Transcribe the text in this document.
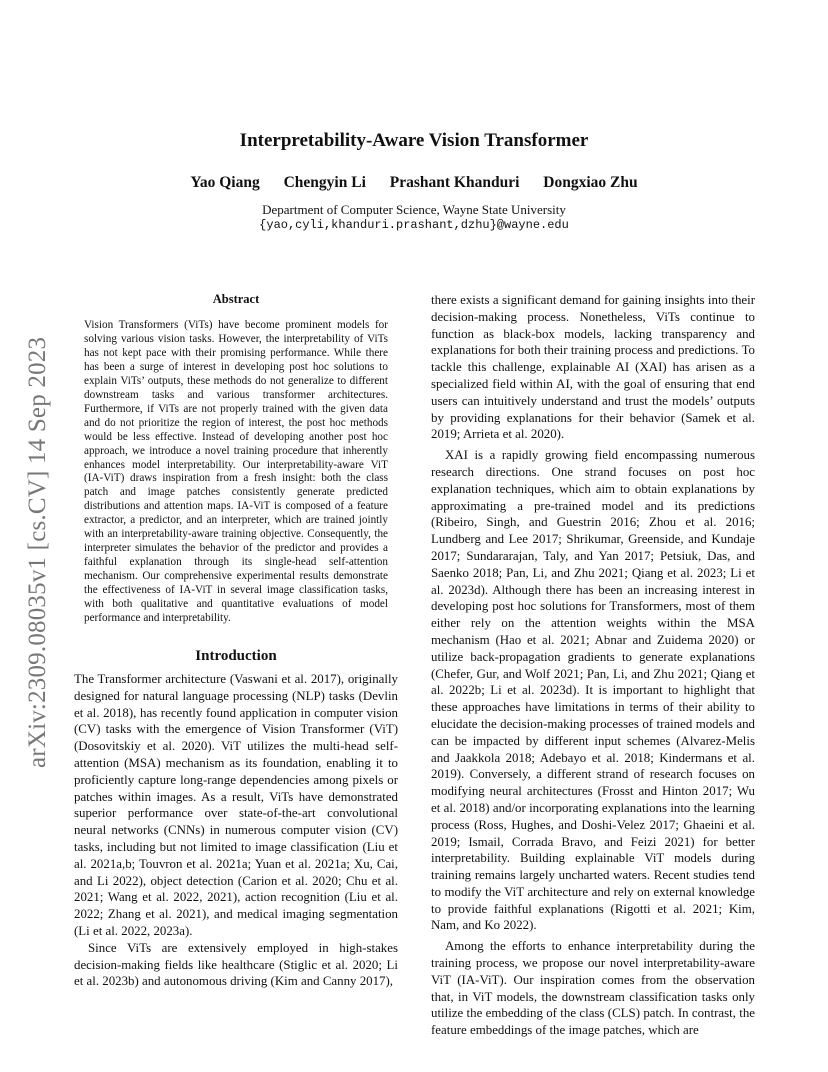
Interpretability-Aware Vision Transformer
Yao Qiang Chengyin Li Prashant Khanduri Dongxiao Zhu
Department of Computer Science, Wayne State University
{yao,cyli,khanduri.prashant,dzhu}@wayne.edu
arXiv:2309.08035v1 [cs.CV] 14 Sep 2023
Abstract

Vision Transformers (ViTs) have become prominent models for solving various vision tasks. However, the interpretability of ViTs has not kept pace with their promising performance. While there has been a surge of interest in developing post hoc solutions to explain ViTs’ outputs, these methods do not generalize to different downstream tasks and various transformer architectures. Furthermore, if ViTs are not properly trained with the given data and do not prioritize the region of interest, the post hoc methods would be less effective. Instead of developing another post hoc approach, we introduce a novel training procedure that inherently enhances model interpretability. Our interpretability-aware ViT (IA-ViT) draws inspiration from a fresh insight: both the class patch and image patches consistently generate predicted distributions and attention maps. IA-ViT is composed of a feature extractor, a predictor, and an interpreter, which are trained jointly with an interpretability-aware training objective. Consequently, the interpreter simulates the behavior of the predictor and provides a faithful explanation through its single-head self-attention mechanism. Our comprehensive experimental results demonstrate the effectiveness of IA-ViT in several image classification tasks, with both qualitative and quantitative evaluations of model performance and interpretability.

Introduction

The Transformer architecture (Vaswani et al. 2017), originally designed for natural language processing (NLP) tasks (Devlin et al. 2018), has recently found application in computer vision (CV) tasks with the emergence of Vision Transformer (ViT) (Dosovitskiy et al. 2020). ViT utilizes the multi-head self-attention (MSA) mechanism as its foundation, enabling it to proficiently capture long-range dependencies among pixels or patches within images. As a result, ViTs have demonstrated superior performance over state-of-the-art convolutional neural networks (CNNs) in numerous computer vision (CV) tasks, including but not limited to image classification (Liu et al. 2021a,b; Touvron et al. 2021a; Yuan et al. 2021a; Xu, Cai, and Li 2022), object detection (Carion et al. 2020; Chu et al. 2021; Wang et al. 2022, 2021), action recognition (Liu et al. 2022; Zhang et al. 2021), and medical imaging segmentation (Li et al. 2022, 2023a).

Since ViTs are extensively employed in high-stakes decision-making fields like healthcare (Stiglic et al. 2020; Li et al. 2023b) and autonomous driving (Kim and Canny 2017),

there exists a significant demand for gaining insights into their decision-making process. Nonetheless, ViTs continue to function as black-box models, lacking transparency and explanations for both their training process and predictions. To tackle this challenge, explainable AI (XAI) has arisen as a specialized field within AI, with the goal of ensuring that end users can intuitively understand and trust the models’ outputs by providing explanations for their behavior (Samek et al. 2019; Arrieta et al. 2020).

XAI is a rapidly growing field encompassing numerous research directions. One strand focuses on post hoc explanation techniques, which aim to obtain explanations by approximating a pre-trained model and its predictions (Ribeiro, Singh, and Guestrin 2016; Zhou et al. 2016; Lundberg and Lee 2017; Shrikumar, Greenside, and Kundaje 2017; Sundararajan, Taly, and Yan 2017; Petsiuk, Das, and Saenko 2018; Pan, Li, and Zhu 2021; Qiang et al. 2023; Li et al. 2023d). Although there has been an increasing interest in developing post hoc solutions for Transformers, most of them either rely on the attention weights within the MSA mechanism (Hao et al. 2021; Abnar and Zuidema 2020) or utilize back-propagation gradients to generate explanations (Chefer, Gur, and Wolf 2021; Pan, Li, and Zhu 2021; Qiang et al. 2022b; Li et al. 2023d). It is important to highlight that these approaches have limitations in terms of their ability to elucidate the decision-making processes of trained models and can be impacted by different input schemes (Alvarez-Melis and Jaakkola 2018; Adebayo et al. 2018; Kindermans et al. 2019). Conversely, a different strand of research focuses on modifying neural architectures (Frosst and Hinton 2017; Wu et al. 2018) and/or incorporating explanations into the learning process (Ross, Hughes, and Doshi-Velez 2017; Ghaeini et al. 2019; Ismail, Corrada Bravo, and Feizi 2021) for better interpretability. Building explainable ViT models during training remains largely uncharted waters. Recent studies tend to modify the ViT architecture and rely on external knowledge to provide faithful explanations (Rigotti et al. 2021; Kim, Nam, and Ko 2022).

Among the efforts to enhance interpretability during the training process, we propose our novel interpretability-aware ViT (IA-ViT). Our inspiration comes from the observation that, in ViT models, the downstream classification tasks only utilize the embedding of the class (CLS) patch. In contrast, the feature embeddings of the image patches, which are
